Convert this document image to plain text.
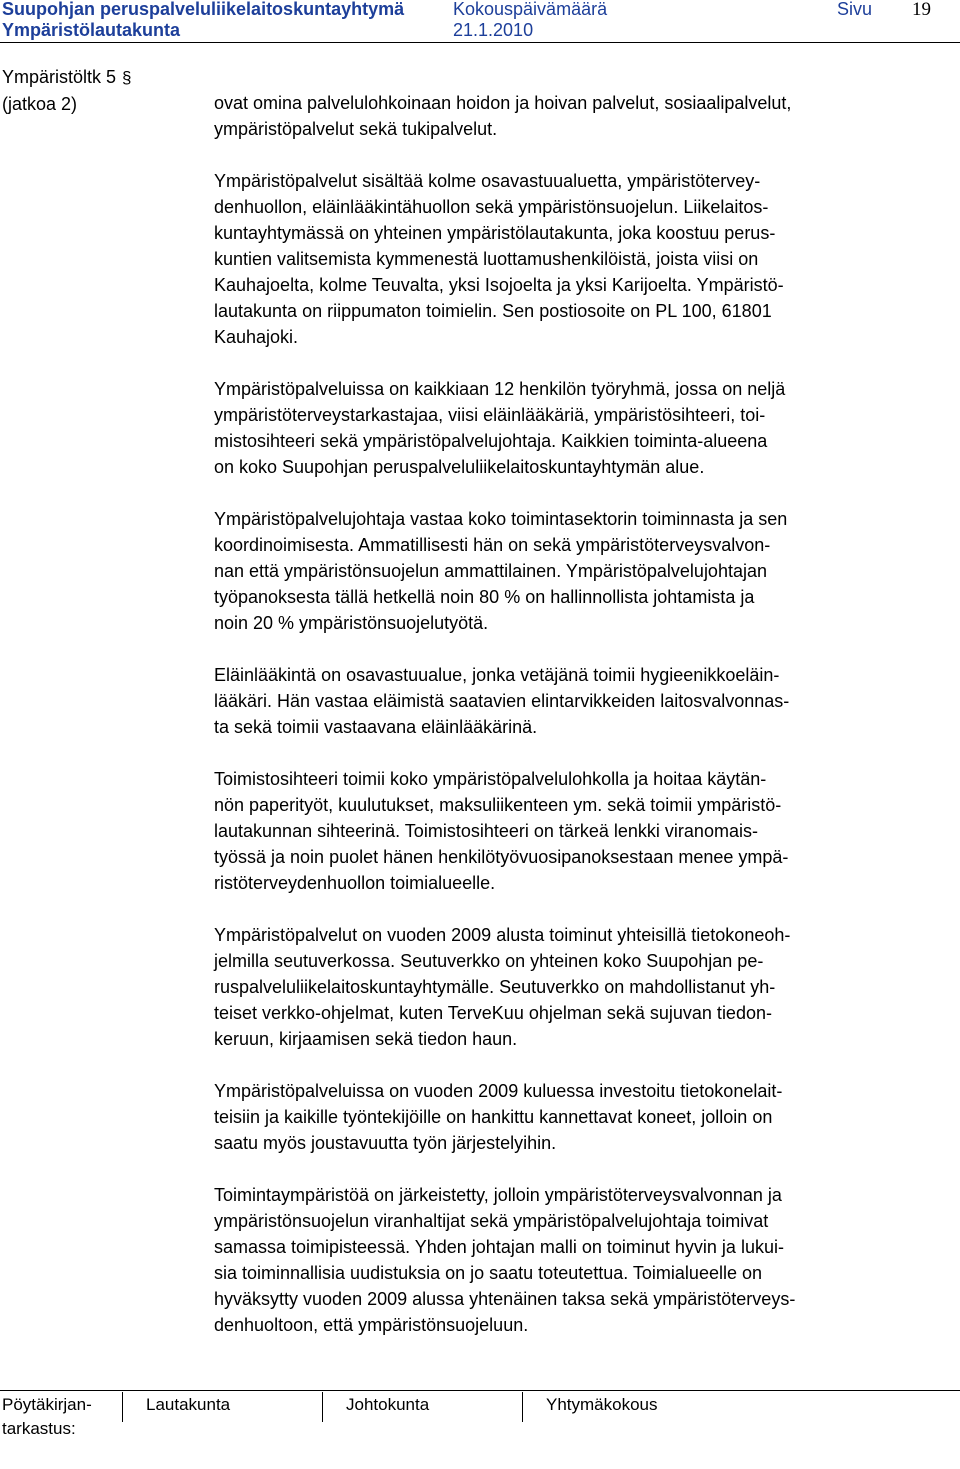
Suupohjan peruspalveluliikelaitoskuntayhtymä
Ympäristölautakunta
Kokouspäivämäärä
21.1.2010
Sivu 19
Ympäristöltk 5 §
(jatkoa 2)	ovat omina palvelulohkoinaan hoidon ja hoivan palvelut, sosiaalipalvelut,
ympäristöpalvelut sekä tukipalvelut.

Ympäristöpalvelut sisältää kolme osavastuualuetta, ympäristötervey-
denhuollon, eläinlääkintähuollon sekä ympäristönsuojelun. Liikelaitos-
kuntayhtymässä on yhteinen ympäristölautakunta, joka koostuu perus-
kuntien valitsemista kymmenestä luottamushenkilöistä, joista viisi on
Kauhajoelta, kolme Teuvalta, yksi Isojoelta ja yksi Karijoelta. Ympäristö-
lautakunta on riippumaton toimielin. Sen postiosoite on PL 100, 61801
Kauhajoki.

Ympäristöpalveluissa on kaikkiaan 12 henkilön työryhmä, jossa on neljä
ympäristöterveystarkastajaa, viisi eläinlääkäriä, ympäristösihteeri, toi-
mistosihteeri sekä ympäristöpalvelujohtaja. Kaikkien toiminta-alueena
on koko Suupohjan peruspalveluliikelaitoskuntayhtymän alue.

Ympäristöpalvelujohtaja vastaa koko toimintasektorin toiminnasta ja sen
koordinoimisesta. Ammatillisesti hän on sekä ympäristöterveysvalvon-
nan että ympäristönsuojelun ammattilainen. Ympäristöpalvelujohtajan
työpanoksesta tällä hetkellä noin 80 % on hallinnollista johtamista ja
noin 20 % ympäristönsuojelutyötä.

Eläinlääkintä on osavastuualue, jonka vetäjänä toimii hygieenikkoeläin-
lääkäri. Hän vastaa eläimistä saatavien elintarvikkeiden laitosvalvonnas-
ta sekä toimii vastaavana eläinlääkärinä.

Toimistosihteeri toimii koko ympäristöpalvelulohkolla ja hoitaa käytän-
nön paperityöt, kuulutukset, maksuliikenteen ym. sekä toimii ympäristö-
lautakunnan sihteerinä. Toimistosihteeri on tärkeä lenkki viranomais-
työssä ja noin puolet hänen henkilötyövuosipanoksestaan menee ympä-
ristöterveydenhuollon toimialueelle.

Ympäristöpalvelut on vuoden 2009 alusta toiminut yhteisillä tietokoneoh-
jelmilla seutuverkossa. Seutuverkko on yhteinen koko Suupohjan pe-
ruspalveluliikelaitoskuntayhtymälle. Seutuverkko on mahdollistanut yh-
teiset verkko-ohjelmat, kuten TerveKuu ohjelman sekä sujuvan tiedon-
keruun, kirjaamisen sekä tiedon haun.

Ympäristöpalveluissa on vuoden 2009 kuluessa investoitu tietokonelait-
teisiin ja kaikille työntekijöille on hankittu kannettavat koneet, jolloin on
saatu myös joustavuutta työn järjestelyihin.

Toimintaympäristöä on järkeistetty, jolloin ympäristöterveysvalvonnan ja
ympäristönsuojelun viranhaltijat sekä ympäristöpalvelujohtaja toimivat
samassa toimipisteessä. Yhden johtajan malli on toiminut hyvin ja lukui-
sia toiminnallisia uudistuksia on jo saatu toteutettua. Toimialueelle on
hyväksytty vuoden 2009 alussa yhtenäinen taksa sekä ympäristöterveys-
denhuoltoon, että ympäristönsuojeluun.

Pöytäkirjan-
tarkastus:
Lautakunta	Johtokunta	Yhtymäkokous
